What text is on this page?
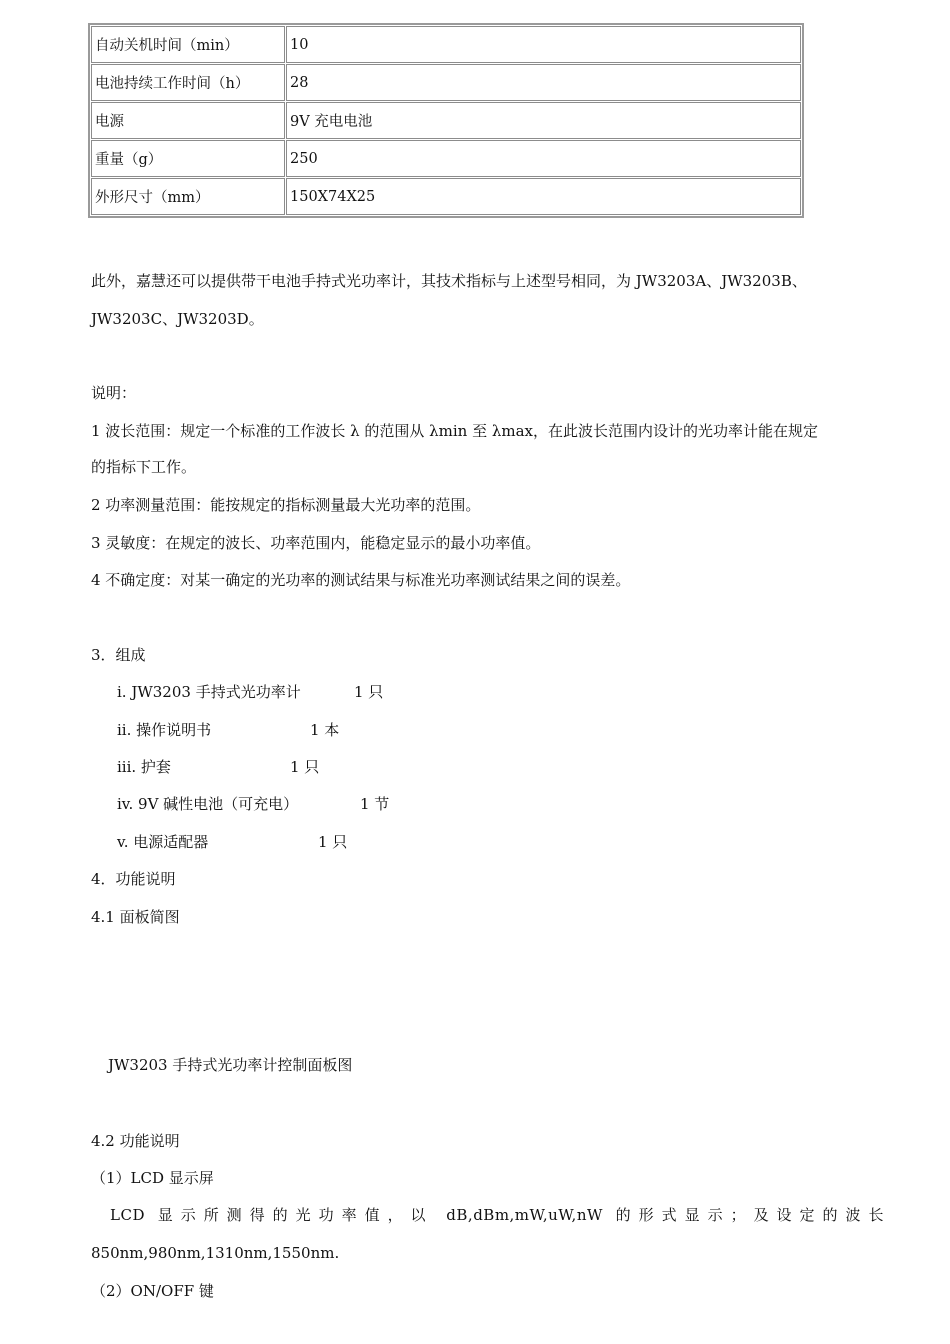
自动关机时间（min）	10
电池持续工作时间（h）	28
电源	9V 充电电池
重量（g）	250
外形尺寸（mm）	150X74X25

此外，嘉慧还可以提供带干电池手持式光功率计，其技术指标与上述型号相同，为 JW3203A、JW3203B、

JW3203C、JW3203D。

说明：

1 波长范围：规定一个标准的工作波长 λ 的范围从 λmin 至 λmax，在此波长范围内设计的光功率计能在规定

的指标下工作。

2 功率测量范围：能按规定的指标测量最大光功率的范围。

3 灵敏度：在规定的波长、功率范围内，能稳定显示的最小功率值。

4 不确定度：对某一确定的光功率的测试结果与标准光功率测试结果之间的误差。

3．组成

i. JW3203 手持式光功率计	1 只
ii. 操作说明书	1 本
iii. 护套	1 只
iv. 9V 碱性电池（可充电）	1 节
v. 电源适配器	1 只

4．功能说明

4.1 面板简图

JW3203 手持式光功率计控制面板图

4.2 功能说明

（1）LCD 显示屏

LCD 显示所测得的光功率值，以 dB,dBm,mW,uW,nW 的形式显示；及设定的波长

850nm,980nm,1310nm,1550nm.

（2）ON/OFF 键
